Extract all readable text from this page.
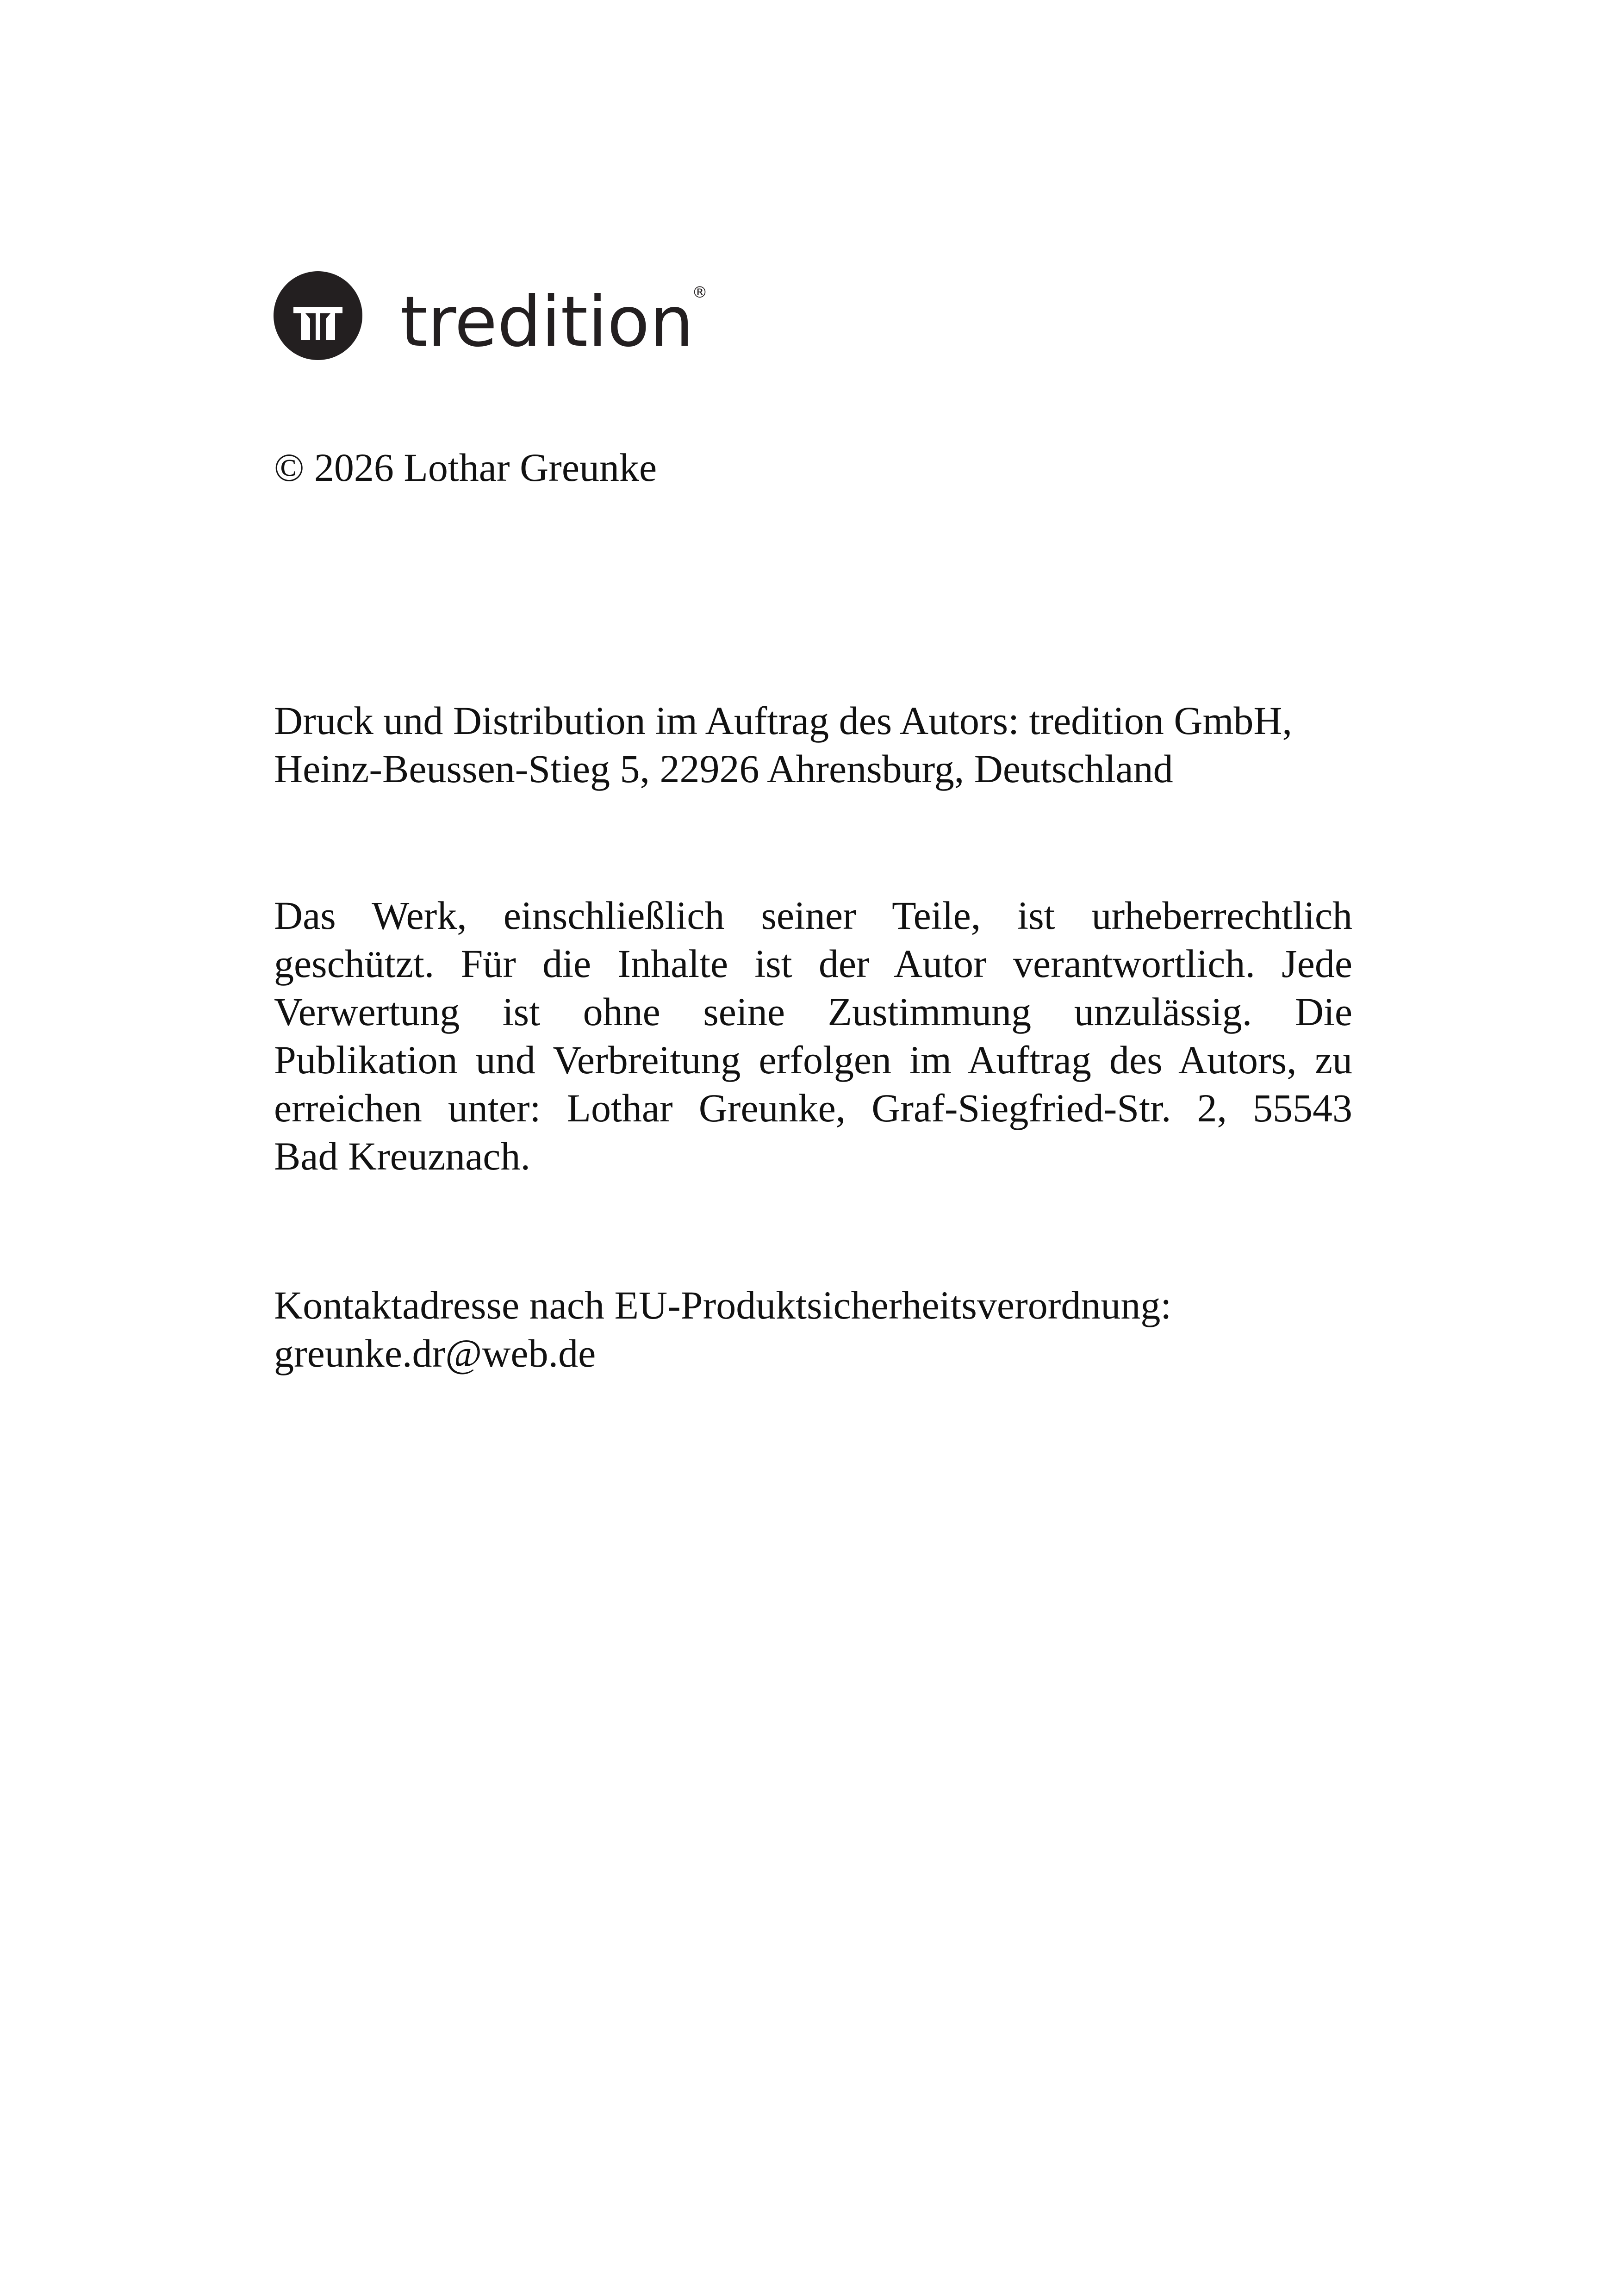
tredition
®

© 2026 Lothar Greunke

Druck und Distribution im Auftrag des Autors: tredition GmbH,
Heinz-Beussen-Stieg 5, 22926 Ahrensburg, Deutschland

Das Werk, einschließlich seiner Teile, ist urheberrechtlich
geschützt. Für die Inhalte ist der Autor verantwortlich. Jede
Verwertung ist ohne seine Zustimmung unzulässig. Die
Publikation und Verbreitung erfolgen im Auftrag des Autors, zu
erreichen unter: Lothar Greunke, Graf-Siegfried-Str. 2, 55543
Bad Kreuznach.

Kontaktadresse nach EU-Produktsicherheitsverordnung:
greunke.dr@web.de
